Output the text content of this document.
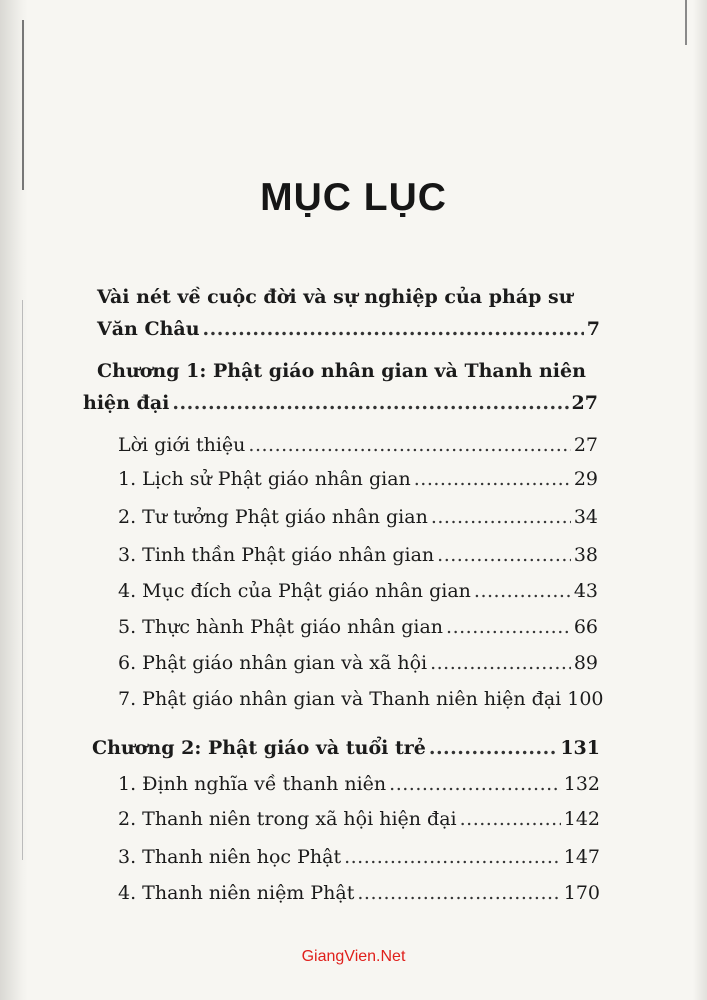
MỤC LỤC
Vài nét về cuộc đời và sự nghiệp của pháp sư
Văn Châu .....	7
Chương 1: Phật giáo nhân gian và Thanh niên
hiện đại .....	27
Lời giới thiệu .....	27
1. Lịch sử Phật giáo nhân gian .....	29
2. Tư tưởng Phật giáo nhân gian .....	34
3. Tinh thần Phật giáo nhân gian .....	38
4. Mục đích của Phật giáo nhân gian .....	43
5. Thực hành Phật giáo nhân gian .....	66
6. Phật giáo nhân gian và xã hội .....	89
7. Phật giáo nhân gian và Thanh niên hiện đại 100
Chương 2: Phật giáo và tuổi trẻ .....	131
1. Định nghĩa về thanh niên .....	132
2. Thanh niên trong xã hội hiện đại .....	142
3. Thanh niên học Phật .....	147
4. Thanh niên niệm Phật .....	170
GiangVien.Net
